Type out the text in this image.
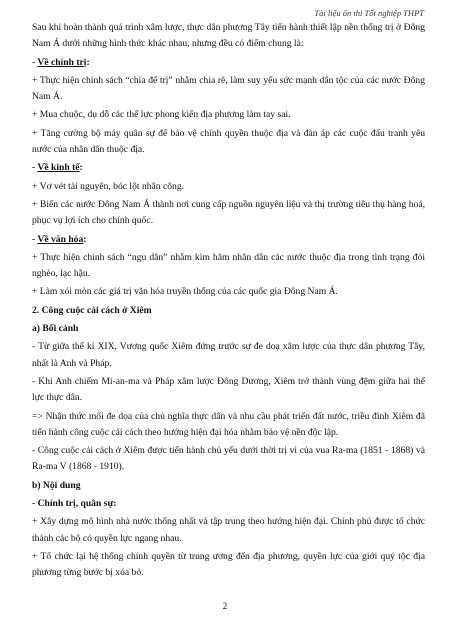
Tài liệu ôn thi Tốt nghiệp THPT

Sau khi hoàn thành quá trình xâm lược, thực dân phương Tây tiến hành thiết lập nền thống trị ở Đông Nam Á dưới những hình thức khác nhau, nhưng đều có điểm chung là:

- Về chính trị:

+ Thực hiện chính sách “chia để trị” nhằm chia rẽ, làm suy yếu sức mạnh dân tộc của các nước Đông Nam Á.

+ Mua chuộc, dụ dỗ các thế lực phong kiến địa phương làm tay sai.

+ Tăng cường bộ máy quân sự để bảo vệ chính quyền thuộc địa và đàn áp các cuộc đấu tranh yêu nước của nhân dân thuộc địa.

- Về kinh tế:

+ Vơ vét tài nguyên, bóc lột nhân công.

+ Biến các nước Đông Nam Á thành nơi cung cấp nguồn nguyên liệu và thị trường tiêu thụ hàng hoá, phục vụ lợi ích cho chính quốc.

- Về văn hóa:

+ Thực hiện chính sách “ngu dân” nhằm kìm hãm nhân dân các nước thuộc địa trong tình trạng đói nghèo, lạc hậu.

+ Làm xói mòn các giá trị văn hóa truyền thống của các quốc gia Đông Nam Á.

2. Công cuộc cải cách ở Xiêm

a) Bối cảnh

- Từ giữa thế kỉ XIX, Vương quốc Xiêm đứng trước sự đe doạ xâm lược của thực dân phương Tây, nhất là Anh và Pháp.

- Khi Anh chiếm Mi-an-ma và Pháp xâm lược Đông Dương, Xiêm trở thành vùng đệm giữa hai thế lực thực dân.

=> Nhận thức mối đe dọa của chủ nghĩa thực dân và nhu cầu phát triển đất nước, triều đình Xiêm đã tiến hành công cuộc cải cách theo hướng hiện đại hóa nhằm bảo vệ nền độc lập.

- Công cuộc cải cách ở Xiêm được tiến hành chủ yếu dưới thời trị vì của vua Ra-ma (1851 - 1868) và Ra-ma V (1868 - 1910).

b) Nội dung

- Chính trị, quân sự:

+ Xây dựng mô hình nhà nước thống nhất và tập trung theo hướng hiện đại. Chính phủ được tổ chức thành các bộ có quyền lực ngang nhau.

+ Tổ chức lại hệ thống chính quyền từ trung ương đến địa phương, quyền lực của giới quý tộc địa phương từng bước bị xóa bỏ.

2
